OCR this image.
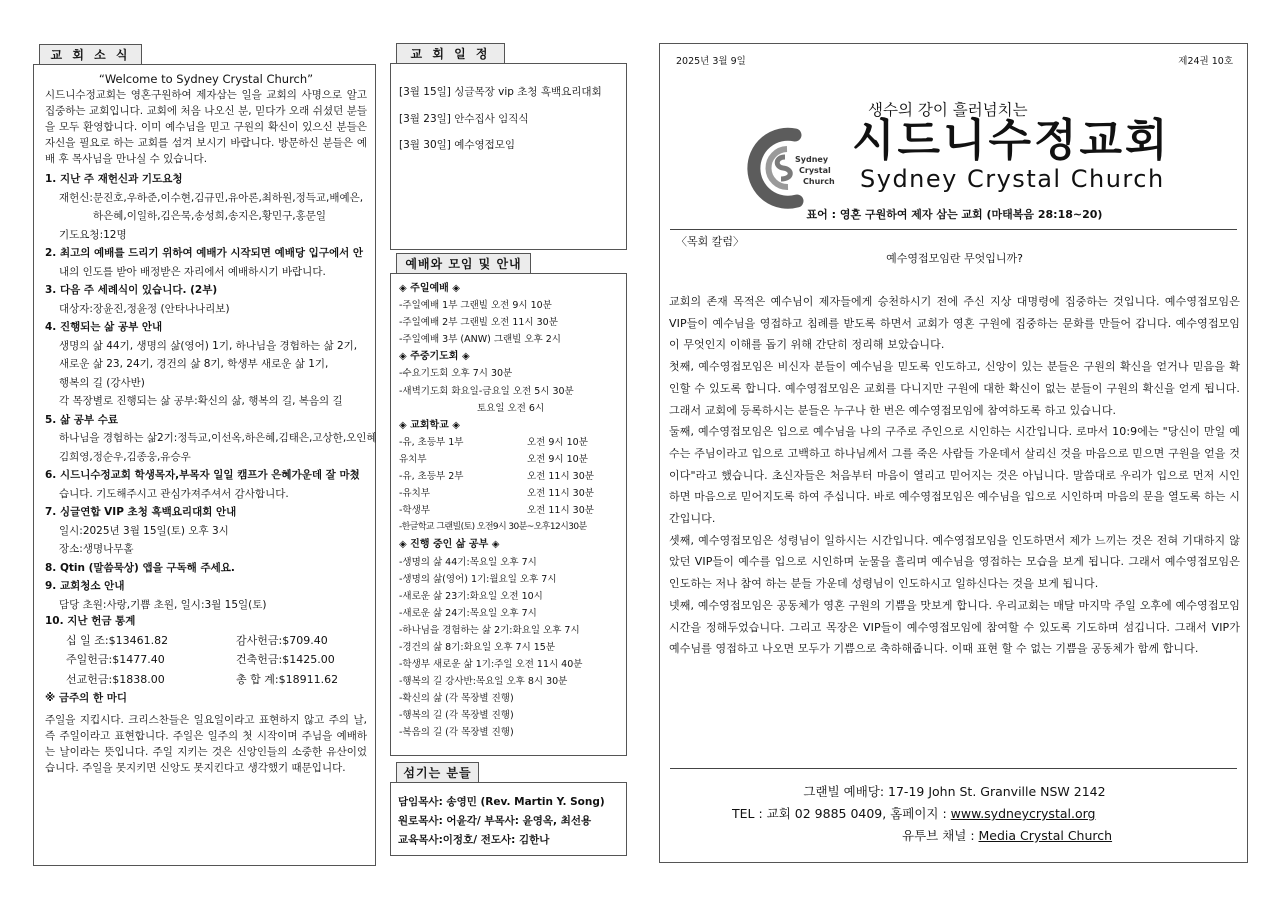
교 회 소 식
“Welcome to Sydney Crystal Church”
시드니수정교회는 영혼구원하여 제자삼는 일을 교회의 사명으로 알고 집중하는 교회입니다. 교회에 처음 나오신 분, 믿다가 오래 쉬셨던 분들을 모두 환영합니다. 이미 예수님을 믿고 구원의 확신이 있으신 분들은 자신을 필요로 하는 교회를 섬겨 보시기 바랍니다. 방문하신 분들은 예배 후 목사님을 만나실 수 있습니다.
1. 지난 주 재헌신과 기도요청
재헌신:문진호,우하준,이수현,김규민,유아론,최하원,정득교,배예은,
하은혜,이일하,김은묵,송성희,송지은,황민구,홍문일
기도요청:12명
2. 최고의 예배를 드리기 위하여 예배가 시작되면 예배당 입구에서 안
내의 인도를 받아 배정받은 자리에서 예배하시기 바랍니다.
3. 다음 주 세례식이 있습니다. (2부)
대상자:장윤진,정윤정 (안타나나리보)
4. 진행되는 삶 공부 안내
생명의 삶 44기, 생명의 삶(영어) 1기, 하나님을 경험하는 삶 2기,
새로운 삶 23, 24기, 경건의 삶 8기, 학생부 새로운 삶 1기,
행복의 길 (강사반)
각 목장별로 진행되는 삶 공부:확신의 삶, 행복의 길, 복음의 길
5. 삶 공부 수료
하나님을 경험하는 삶2기:정득교,이선옥,하은혜,김태은,고상한,오인혜
김희영,정순우,김종웅,유승우
6. 시드니수정교회 학생목자,부목자 일일 캠프가 은혜가운데 잘 마쳤
습니다. 기도해주시고 관심가져주셔서 감사합니다.
7. 싱글연합 VIP 초청 흑백요리대회 안내
일시:2025년 3월 15일(토) 오후 3시
장소:생명나무홀
8. Qtin (말씀묵상) 앱을 구독해 주세요.
9. 교회청소 안내
담당 초원:사랑,기쁨 초원, 일시:3월 15일(토)
10. 지난 헌금 통계
십 일 조:$13461.82	감사헌금:$709.40
주일헌금:$1477.40	건축헌금:$1425.00
선교헌금:$1838.00	총 합 계:$18911.62
※ 금주의 한 마디
주일을 지킵시다. 크리스찬들은 일요일이라고 표현하지 않고 주의 날, 즉 주일이라고 표현합니다. 주일은 일주의 첫 시작이며 주님을 예배하는 날이라는 뜻입니다. 주일 지키는 것은 신앙인들의 소중한 유산이었습니다. 주일을 못지키면 신앙도 못지킨다고 생각했기 때문입니다.
교 회 일 정
[3월 15일] 싱글목장 vip 초청 흑백요리대회
[3월 23일] 안수집사 임직식
[3월 30일] 예수영접모임
예배와 모임 및 안내
◈ 주일예배 ◈
-주일예배 1부 그랜빌 오전 9시 10분
-주일예배 2부 그랜빌 오전 11시 30분
-주일예배 3부 (ANW) 그랜빌 오후 2시
◈ 주중기도회 ◈
-수요기도회 오후 7시 30분
-새벽기도회 화요일-금요일 오전 5시 30분
토요일 오전 6시
◈ 교회학교 ◈
-유, 초등부 1부	오전 9시 10분
유치부	오전 9시 10분
-유, 초등부 2부	오전 11시 30분
-유치부	오전 11시 30분
-학생부	오전 11시 30분
-한글학교 그랜빌(토) 오전9시 30분~오후12시30분
◈ 진행 중인 삶 공부 ◈
-생명의 삶 44기:목요일 오후 7시
-생명의 삶(영어) 1기:월요일 오후 7시
-새로운 삶 23기:화요일 오전 10시
-새로운 삶 24기:목요일 오후 7시
-하나님을 경험하는 삶 2기:화요일 오후 7시
-경건의 삶 8기:화요일 오후 7시 15분
-학생부 새로운 삶 1기:주일 오전 11시 40분
-행복의 길 강사반:목요일 오후 8시 30분
-확신의 삶 (각 목장별 진행)
-행복의 길 (각 목장별 진행)
-복음의 길 (각 목장별 진행)
섬기는 분들
담임목사: 송영민 (Rev. Martin Y. Song)
원로목사: 어윤각/ 부목사: 윤영옥, 최선용
교육목사:이정호/ 전도사: 김한나
2025년 3월 9일	제24권 10호
생수의 강이 흘러넘치는
Sydney
Crystal
Church
시드니수정교회
Sydney Crystal Church
표어 : 영혼 구원하여 제자 삼는 교회 (마태복음 28:18~20)
〈목회 칼럼〉
예수영접모임란 무엇입니까?
교회의 존재 목적은 예수님이 제자들에게 승천하시기 전에 주신 지상 대명령에 집중하는 것입니다. 예수영접모임은 VIP들이 예수님을 영접하고 침례를 받도록 하면서 교회가 영혼 구원에 집중하는 문화를 만들어 갑니다. 예수영접모임이 무엇인지 이해를 돕기 위해 간단히 정리해 보았습니다.
첫째, 예수영접모임은 비신자 분들이 예수님을 믿도록 인도하고, 신앙이 있는 분들은 구원의 확신을 얻거나 믿음을 확인할 수 있도록 합니다. 예수영접모임은 교회를 다니지만 구원에 대한 확신이 없는 분들이 구원의 확신을 얻게 됩니다. 그래서 교회에 등록하시는 분들은 누구나 한 번은 예수영접모임에 참여하도록 하고 있습니다.
둘째, 예수영접모임은 입으로 예수님을 나의 구주로 주인으로 시인하는 시간입니다. 로마서 10:9에는 "당신이 만일 예수는 주님이라고 입으로 고백하고 하나님께서 그를 죽은 사람들 가운데서 살리신 것을 마음으로 믿으면 구원을 얻을 것이다"라고 했습니다. 초신자들은 처음부터 마음이 열리고 믿어지는 것은 아닙니다. 말씀대로 우리가 입으로 먼저 시인하면 마음으로 믿어지도록 하여 주십니다. 바로 예수영접모임은 예수님을 입으로 시인하며 마음의 문을 열도록 하는 시간입니다.
셋째, 예수영접모임은 성령님이 일하시는 시간입니다. 예수영접모임을 인도하면서 제가 느끼는 것은 전혀 기대하지 않았던 VIP들이 예수를 입으로 시인하며 눈물을 흘리며 예수님을 영접하는 모습을 보게 됩니다. 그래서 예수영접모임은 인도하는 저나 참여 하는 분들 가운데 성령님이 인도하시고 일하신다는 것을 보게 됩니다.
넷째, 예수영접모임은 공동체가 영혼 구원의 기쁨을 맛보게 합니다. 우리교회는 매달 마지막 주일 오후에 예수영접모임 시간을 정해두었습니다. 그리고 목장은 VIP들이 예수영접모임에 참여할 수 있도록 기도하며 섬깁니다. 그래서 VIP가 예수님를 영접하고 나오면 모두가 기쁨으로 축하해줍니다. 이때 표현 할 수 없는 기쁨을 공동체가 함께 합니다.
그랜빌 예배당: 17-19 John St. Granville NSW 2142
TEL : 교회 02 9885 0409, 홈페이지 : www.sydneycrystal.org
유투브 채널 : Media Crystal Church
